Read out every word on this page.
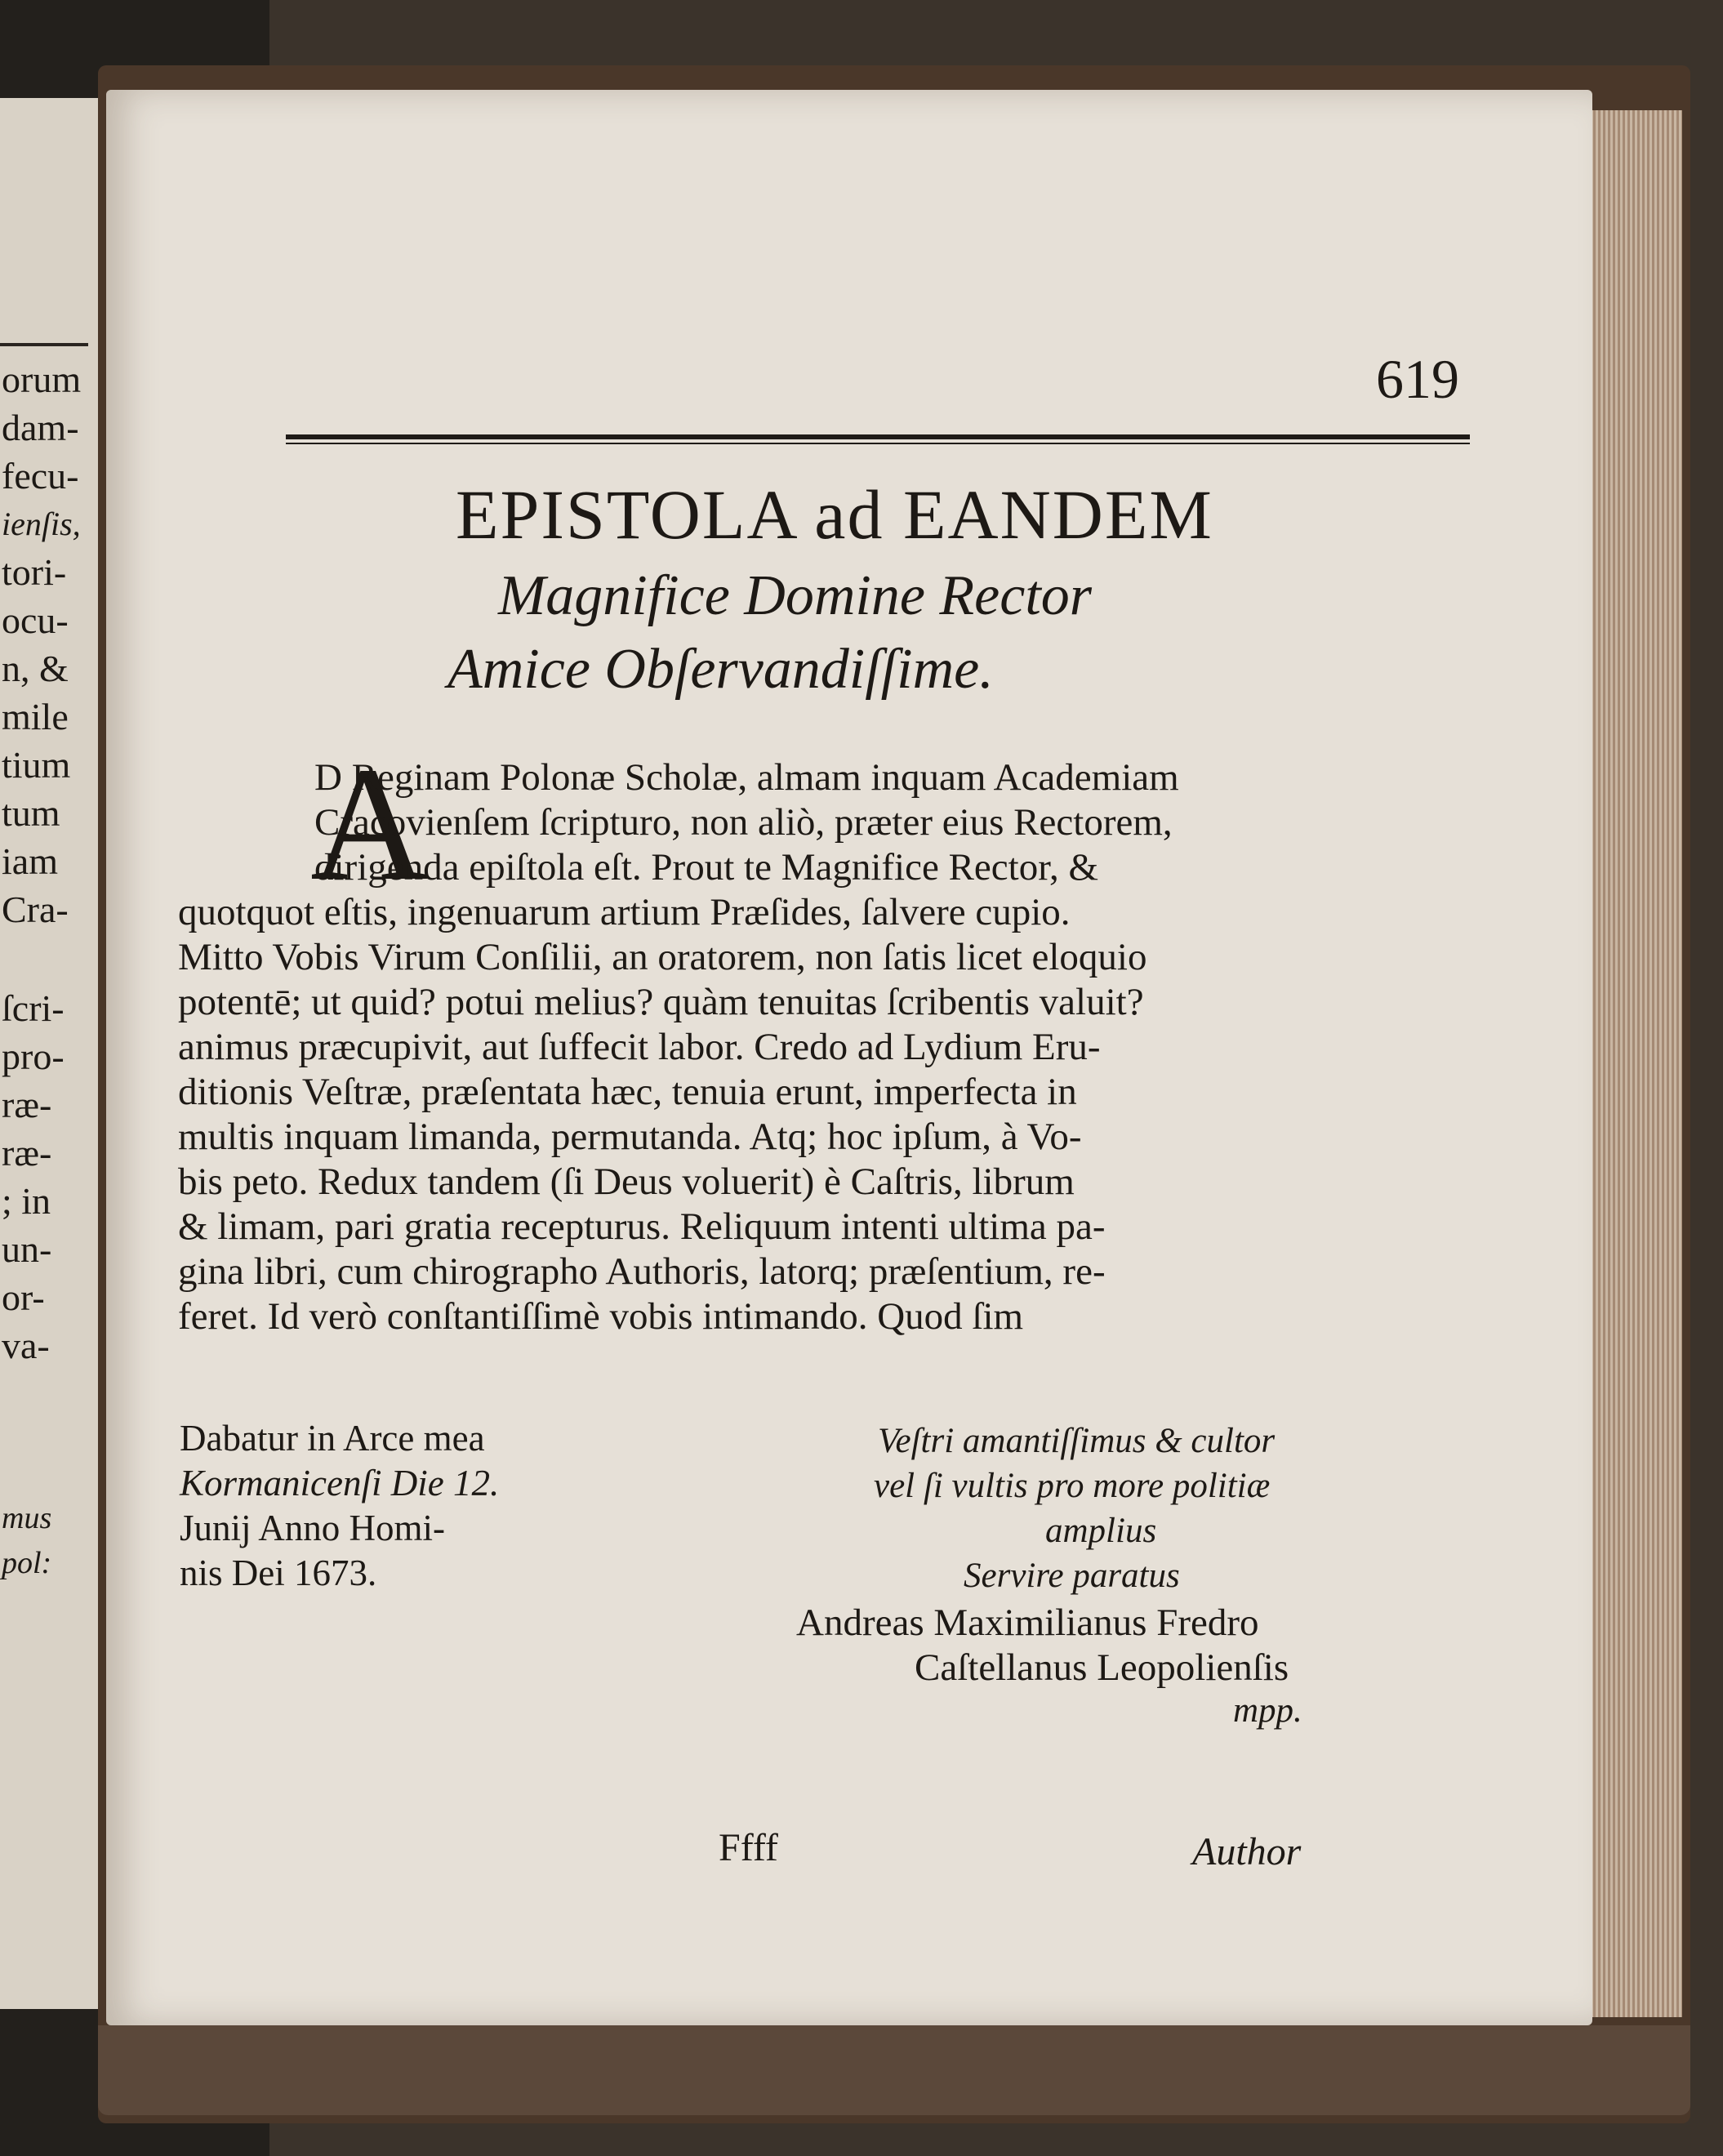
orum
dam-
fecu-
ienſis,
tori-
ocu-
n, &
mile
tium
tum
iam
Cra-
ſcri-
pro-
ræ-
ræ-
; in
un-
or-
va-
mus
pol:
619
EPISTOLA ad EANDEM
Magnifice Domine Rector
Amice Obſervandiſſime.
A
D Reginam Polonæ Scholæ, almam inquam Academiam
Cracovienſem ſcripturo, non aliò, præter eius Rectorem,
dirigenda epiſtola eſt. Prout te Magnifice Rector, &
quotquot eſtis, ingenuarum artium Præſides, ſalvere cupio.
Mitto Vobis Virum Conſilii, an oratorem, non ſatis licet eloquio
potentē; ut quid? potui melius? quàm tenuitas ſcribentis valuit?
animus præcupivit, aut ſuffecit labor. Credo ad Lydium Eru-
ditionis Veſtræ, præſentata hæc, tenuia erunt, imperfecta in
multis inquam limanda, permutanda. Atq; hoc ipſum, à Vo-
bis peto. Redux tandem (ſi Deus voluerit) è Caſtris, librum
& limam, pari gratia recepturus. Reliquum intenti ultima pa-
gina libri, cum chirographo Authoris, latorq; præſentium, re-
feret. Id verò conſtantiſſimè vobis intimando. Quod ſim
Dabatur in Arce mea
Kormanicenſi Die 12.
Junij Anno Homi-
nis Dei 1673.
Veſtri amantiſſimus & cultor
vel ſi vultis pro more politiæ
amplius
Servire paratus
Andreas Maximilianus Fredro
Caſtellanus Leopolienſis
mpp.
Ffff	Author
